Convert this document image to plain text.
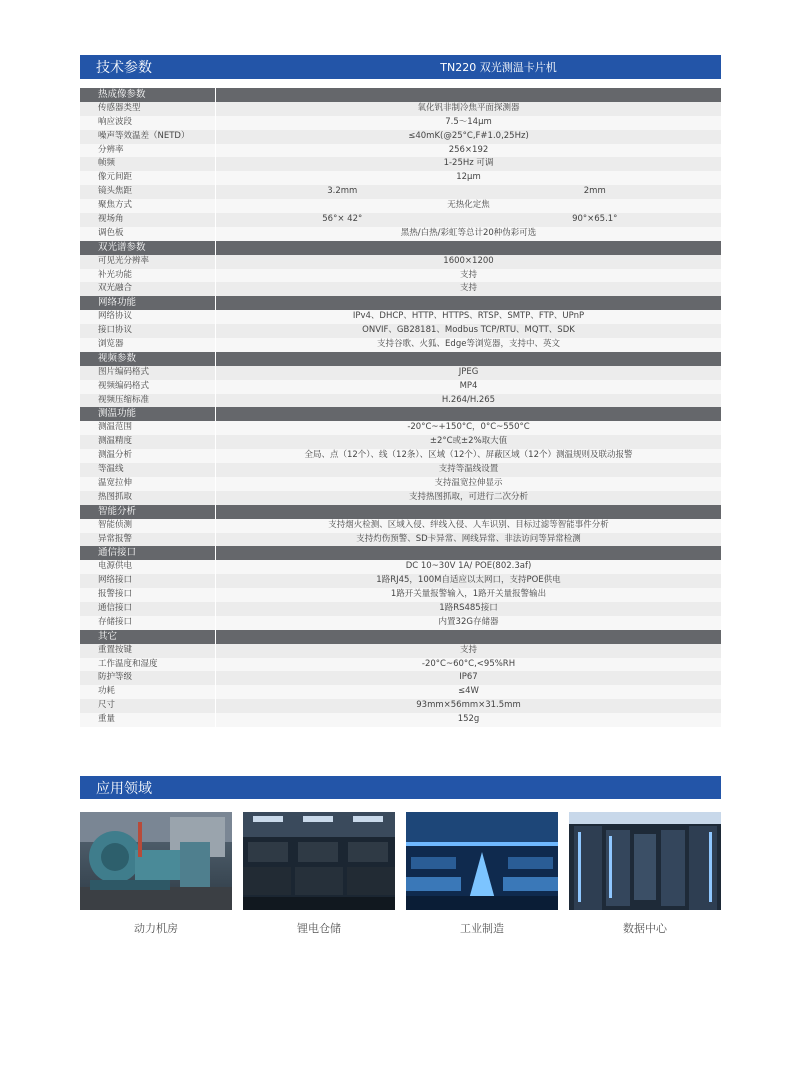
技术参数	TN220 双光测温卡片机
热成像参数
传感器类型	氧化钒非制冷焦平面探测器
响应波段	7.5～14μm
噪声等效温差（NETD）	≤40mK(@25°C,F#1.0,25Hz)
分辨率	256×192
帧频	1-25Hz 可调
像元间距	12μm
镜头焦距	3.2mm	2mm
聚焦方式	无热化定焦
视场角	56°× 42°	90°×65.1°
调色板	黑热/白热/彩虹等总计20种伪彩可选
双光谱参数
可见光分辨率	1600×1200
补光功能	支持
双光融合	支持
网络功能
网络协议	IPv4、DHCP、HTTP、HTTPS、RTSP、SMTP、FTP、UPnP
接口协议	ONVIF、GB28181、Modbus TCP/RTU、MQTT、SDK
浏览器	支持谷歌、火狐、Edge等浏览器，支持中、英文
视频参数
图片编码格式	JPEG
视频编码格式	MP4
视频压缩标准	H.264/H.265
测温功能
测温范围	-20°C~+150°C，0°C~550°C
测温精度	±2°C或±2%取大值
测温分析	全局、点（12个）、线（12条）、区域（12个）、屏蔽区域（12个）测温规则及联动报警
等温线	支持等温线设置
温宽拉伸	支持温宽拉伸显示
热图抓取	支持热图抓取，可进行二次分析
智能分析
智能侦测	支持烟火检测、区域入侵、绊线入侵、人车识别、目标过滤等智能事件分析
异常报警	支持灼伤预警、SD卡异常、网线异常、非法访问等异常检测
通信接口
电源供电	DC 10~30V 1A/ POE(802.3af)
网络接口	1路RJ45，100M自适应以太网口，支持POE供电
报警接口	1路开关量报警输入，1路开关量报警输出
通信接口	1路RS485接口
存储接口	内置32G存储器
其它
重置按键	支持
工作温度和湿度	-20°C~60°C,<95%RH
防护等级	IP67
功耗	≤4W
尺寸	93mm×56mm×31.5mm
重量	152g
应用领域
动力机房	锂电仓储	工业制造	数据中心
